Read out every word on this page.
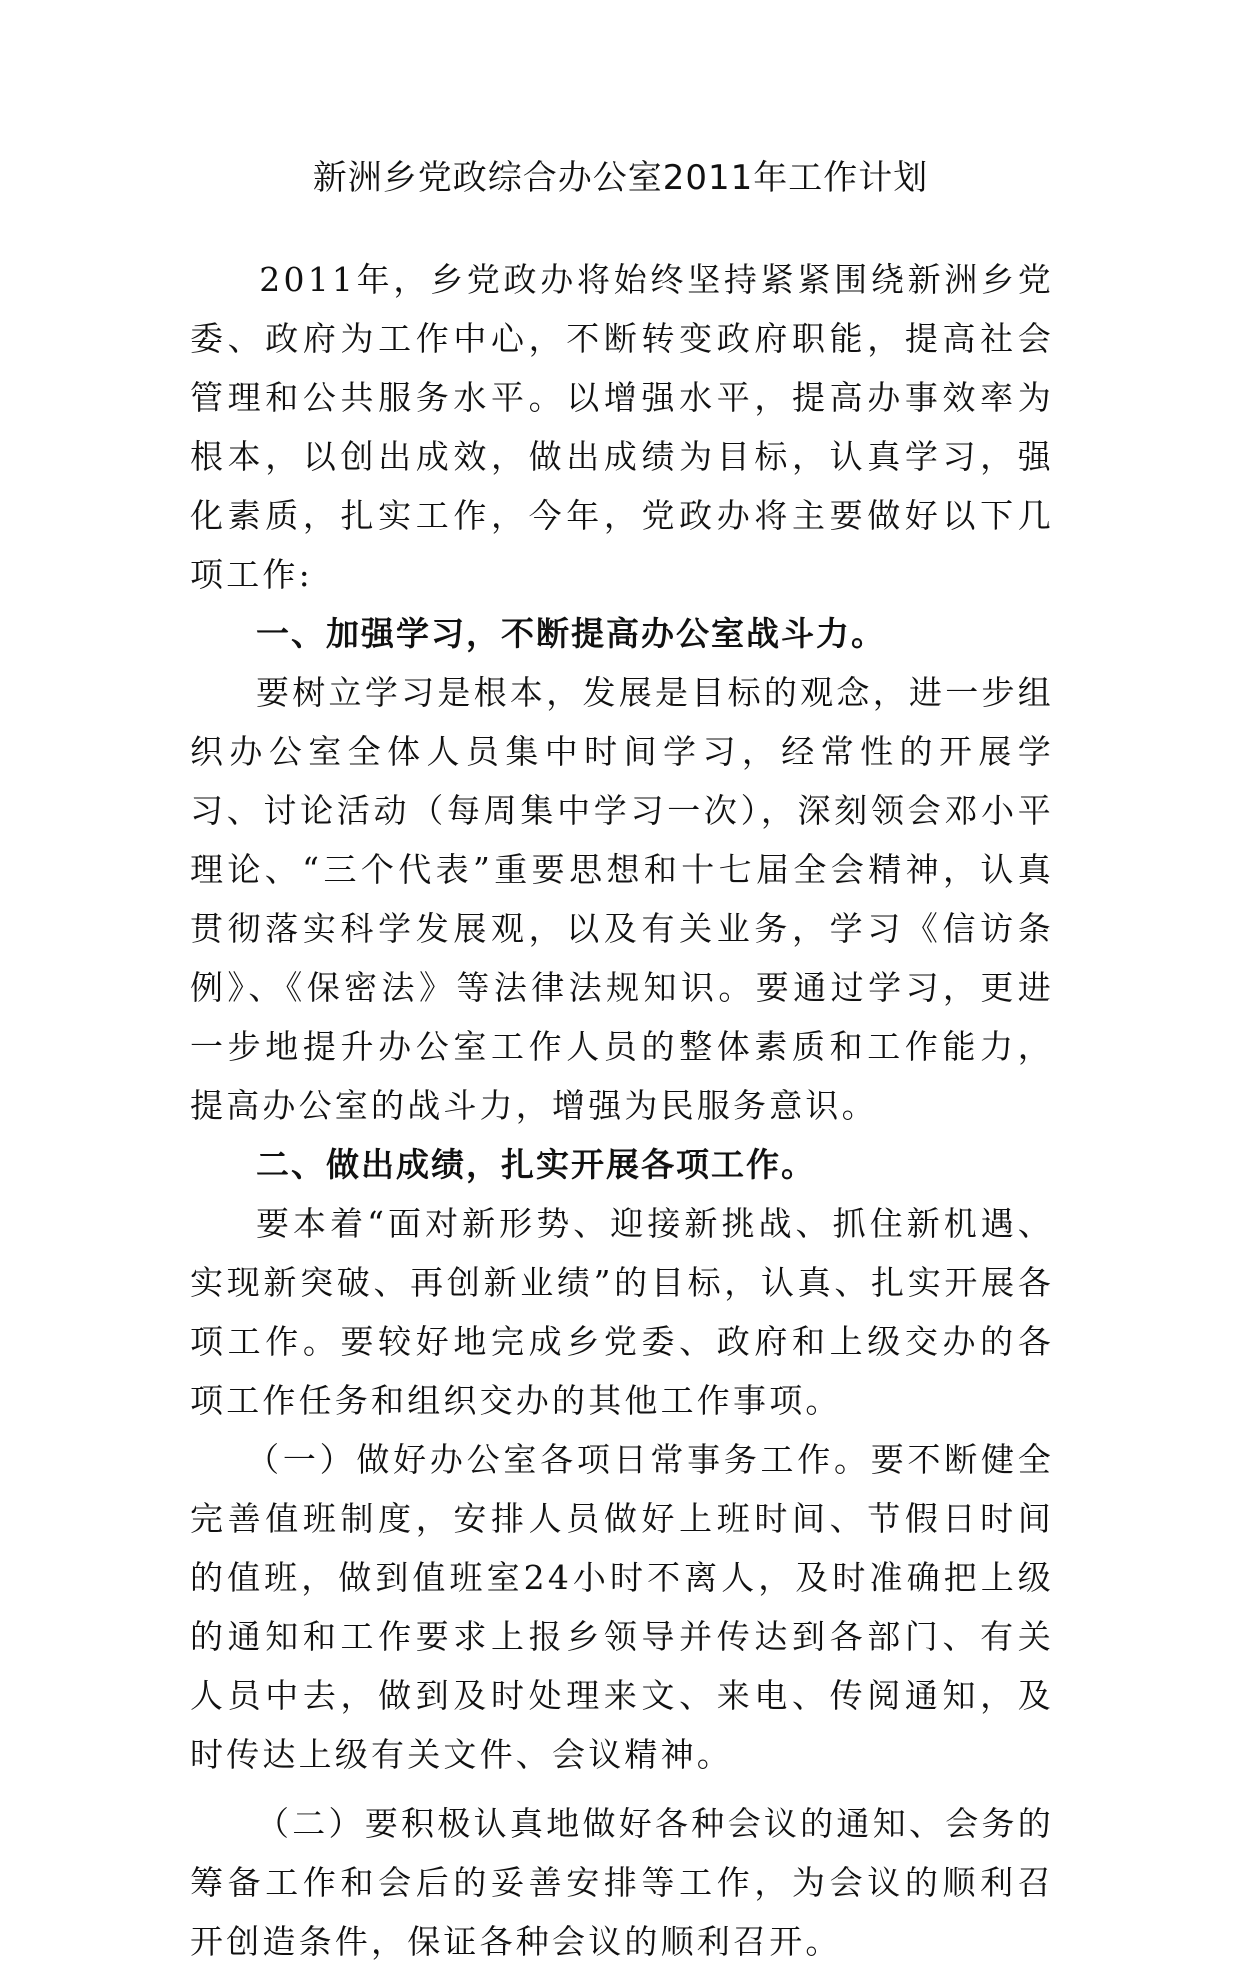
新洲乡党政综合办公室2011年工作计划

2011年，乡党政办将始终坚持紧紧围绕新洲乡党委、政府为工作中心，不断转变政府职能，提高社会管理和公共服务水平。以增强水平，提高办事效率为根本，以创出成效，做出成绩为目标，认真学习，强化素质，扎实工作，今年，党政办将主要做好以下几项工作:

一、加强学习，不断提高办公室战斗力。

要树立学习是根本，发展是目标的观念，进一步组织办公室全体人员集中时间学习，经常性的开展学习、讨论活动（每周集中学习一次），深刻领会邓小平理论、“三个代表”重要思想和十七届全会精神，认真贯彻落实科学发展观，以及有关业务，学习《信访条例》、《保密法》等法律法规知识。要通过学习，更进一步地提升办公室工作人员的整体素质和工作能力，提高办公室的战斗力，增强为民服务意识。

二、做出成绩，扎实开展各项工作。

要本着“面对新形势、迎接新挑战、抓住新机遇、实现新突破、再创新业绩”的目标，认真、扎实开展各项工作。要较好地完成乡党委、政府和上级交办的各项工作任务和组织交办的其他工作事项。

（一）做好办公室各项日常事务工作。要不断健全完善值班制度，安排人员做好上班时间、节假日时间的值班，做到值班室24小时不离人，及时准确把上级的通知和工作要求上报乡领导并传达到各部门、有关人员中去，做到及时处理来文、来电、传阅通知，及时传达上级有关文件、会议精神。

（二）要积极认真地做好各种会议的通知、会务的筹备工作和会后的妥善安排等工作，为会议的顺利召开创造条件，保证各种会议的顺利召开。
